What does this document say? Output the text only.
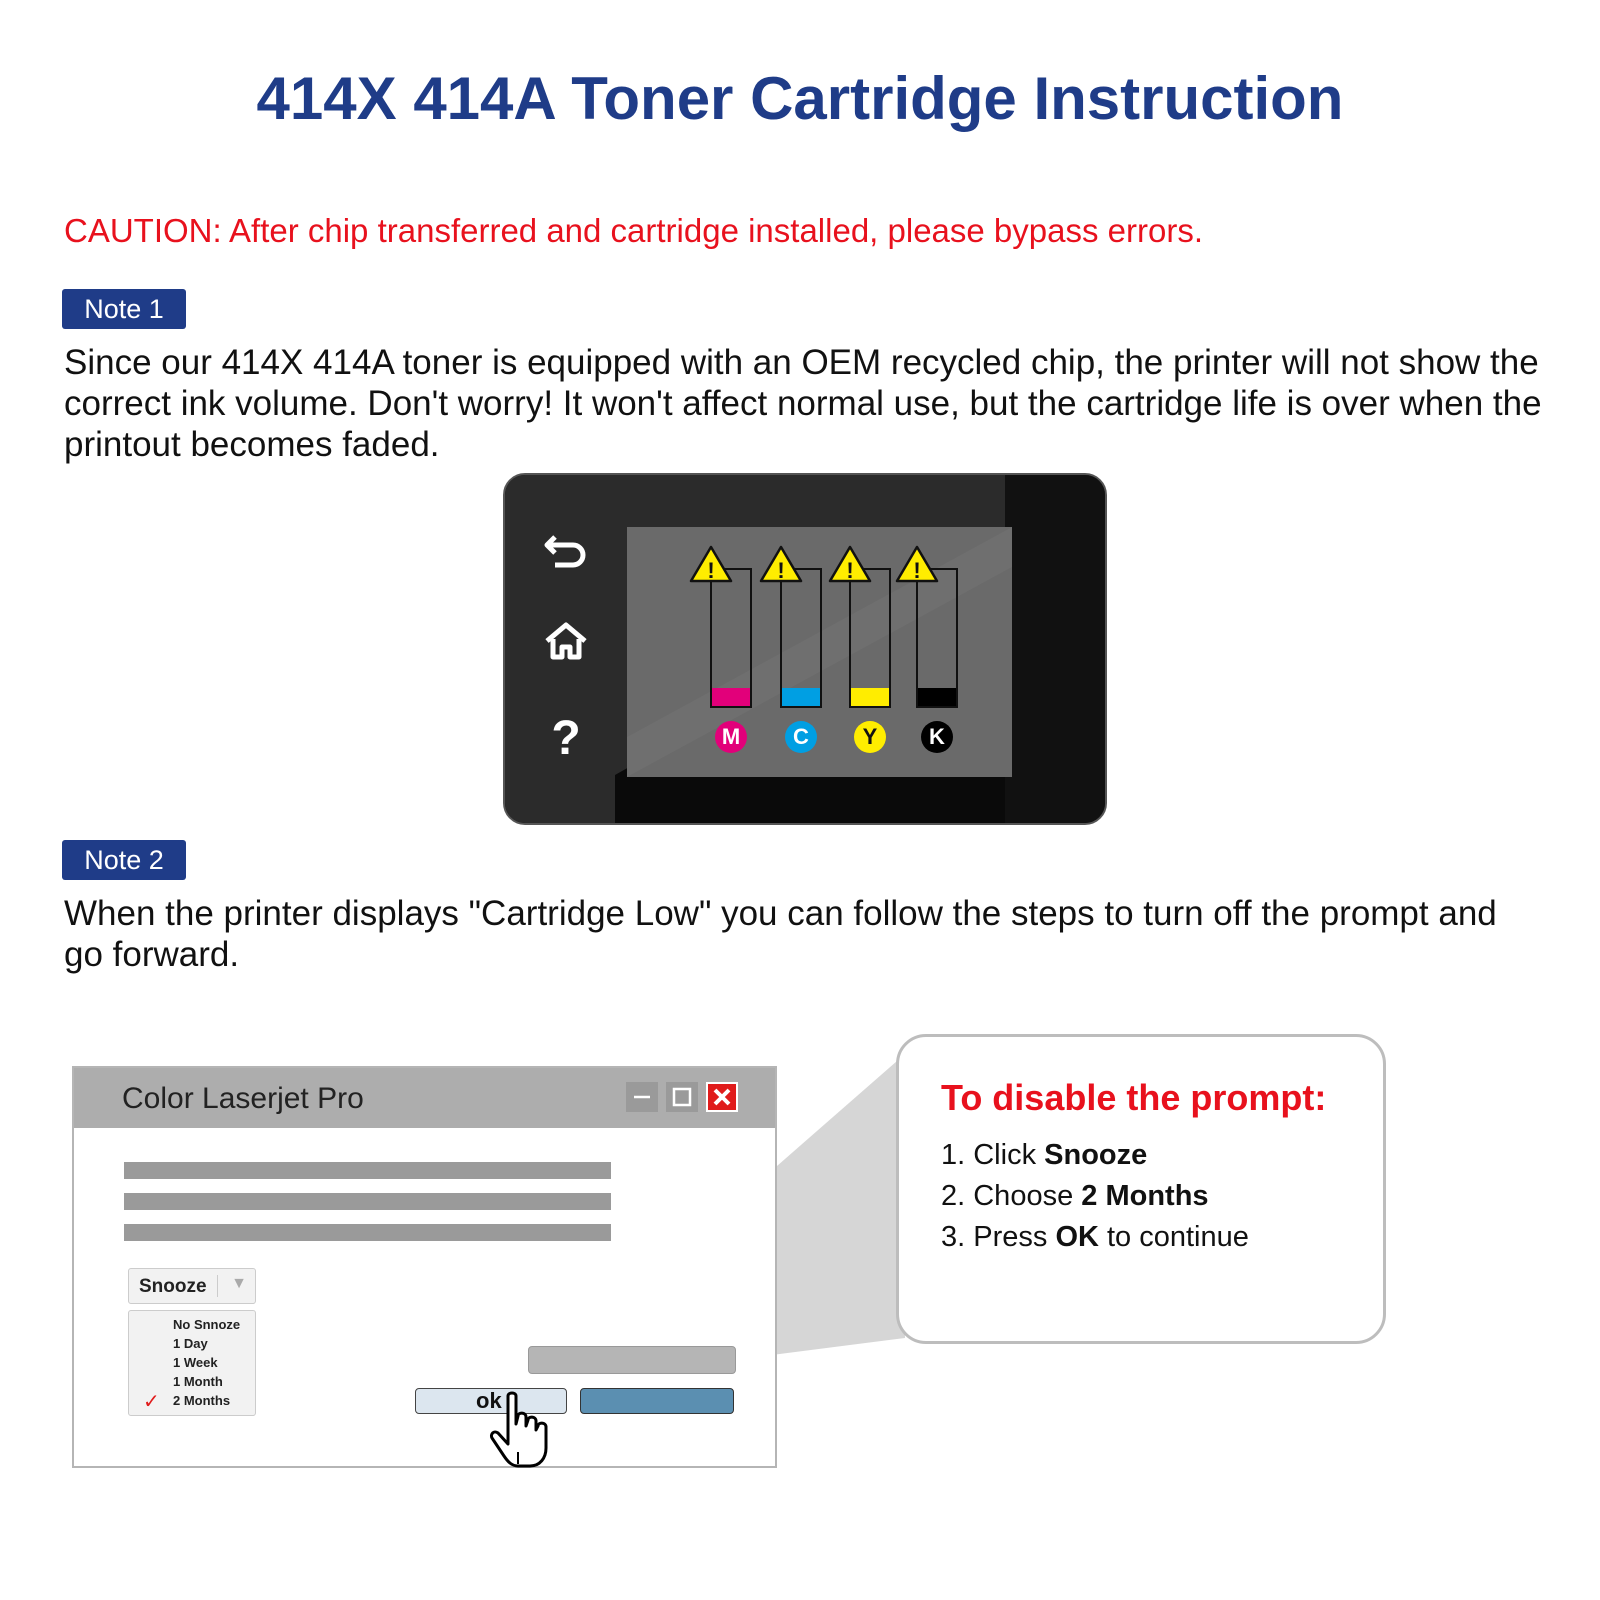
414X 414A Toner Cartridge Instruction
CAUTION: After chip transferred and cartridge installed, please bypass errors.
Note 1
Since our 414X 414A toner is equipped with an OEM recycled chip, the printer will not show the correct ink volume. Don't worry! It won't affect normal use, but the cartridge life is over when the printout becomes faded.
?
!	!	!	!
M	C	Y	K
Note 2
When the printer displays "Cartridge Low" you can follow the steps to turn off the prompt and go forward.
Color Laserjet Pro
Snooze ▼
No Snnoze
1 Day
1 Week
1 Month
✓ 2 Months	ok
To disable the prompt:
1. Click Snooze
2. Choose 2 Months
3. Press OK to continue
